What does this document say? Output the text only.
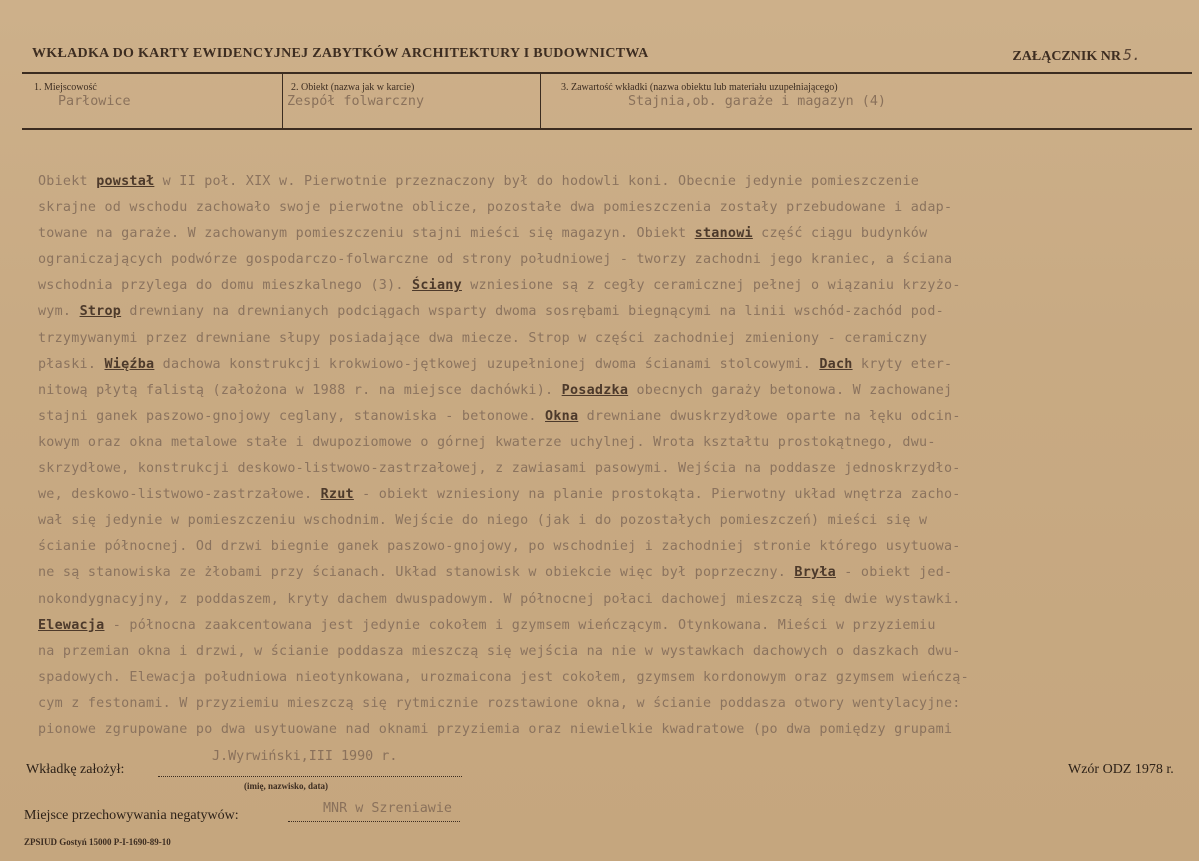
WKŁADKA DO KARTY EWIDENCYJNEJ ZABYTKÓW ARCHITEKTURY I BUDOWNICTWA	ZAŁĄCZNIK NR 5.
1. Miejscowość
Parłowice
2. Obiekt (nazwa jak w karcie)
Zespół folwarczny
3. Zawartość wkładki (nazwa obiektu lub materiału uzupełniającego)
Stajnia,ob. garaże i magazyn (4)
Obiekt powstał w II poł. XIX w. Pierwotnie przeznaczony był do hodowli koni. Obecnie jedynie pomieszczenie
skrajne od wschodu zachowało swoje pierwotne oblicze, pozostałe dwa pomieszczenia zostały przebudowane i adap-
towane na garaże. W zachowanym pomieszczeniu stajni mieści się magazyn. Obiekt stanowi część ciągu budynków
ograniczających podwórze gospodarczo-folwarczne od strony południowej - tworzy zachodni jego kraniec, a ściana
wschodnia przylega do domu mieszkalnego (3). Ściany wzniesione są z cegły ceramicznej pełnej o wiązaniu krzyżo-
wym. Strop drewniany na drewnianych podciągach wsparty dwoma sosrębami biegnącymi na linii wschód-zachód pod-
trzymywanymi przez drewniane słupy posiadające dwa miecze. Strop w części zachodniej zmieniony - ceramiczny
płaski. Więźba dachowa konstrukcji krokwiowo-jętkowej uzupełnionej dwoma ścianami stolcowymi. Dach kryty eter-
nitową płytą falistą (założona w 1988 r. na miejsce dachówki). Posadzka obecnych garaży betonowa. W zachowanej
stajni ganek paszowo-gnojowy ceglany, stanowiska - betonowe. Okna drewniane dwuskrzydłowe oparte na łęku odcin-
kowym oraz okna metalowe stałe i dwupoziomowe o górnej kwaterze uchylnej. Wrota kształtu prostokątnego, dwu-
skrzydłowe, konstrukcji deskowo-listwowo-zastrzałowej, z zawiasami pasowymi. Wejścia na poddasze jednoskrzydło-
we, deskowo-listwowo-zastrzałowe. Rzut - obiekt wzniesiony na planie prostokąta. Pierwotny układ wnętrza zacho-
wał się jedynie w pomieszczeniu wschodnim. Wejście do niego (jak i do pozostałych pomieszczeń) mieści się w
ścianie północnej. Od drzwi biegnie ganek paszowo-gnojowy, po wschodniej i zachodniej stronie którego usytuowa-
ne są stanowiska ze żłobami przy ścianach. Układ stanowisk w obiekcie więc był poprzeczny. Bryła - obiekt jed-
nokondygnacyjny, z poddaszem, kryty dachem dwuspadowym. W północnej połaci dachowej mieszczą się dwie wystawki.
Elewacja - północna zaakcentowana jest jedynie cokołem i gzymsem wieńczącym. Otynkowana. Mieści w przyziemiu
na przemian okna i drzwi, w ścianie poddasza mieszczą się wejścia na nie w wystawkach dachowych o daszkach dwu-
spadowych. Elewacja południowa nieotynkowana, urozmaicona jest cokołem, gzymsem kordonowym oraz gzymsem wieńczą-
cym z festonami. W przyziemiu mieszczą się rytmicznie rozstawione okna, w ścianie poddasza otwory wentylacyjne:
pionowe zgrupowane po dwa usytuowane nad oknami przyziemia oraz niewielkie kwadratowe (po dwa pomiędzy grupami
Wkładkę założył:
J.Wyrwiński,III 1990 r.
(imię, nazwisko, data)
Wzór ODZ 1978 r.
Miejsce przechowywania negatywów:	MNR w Szreniawie
ZPSIUD Gostyń 15000 P-I-1690-89-10
